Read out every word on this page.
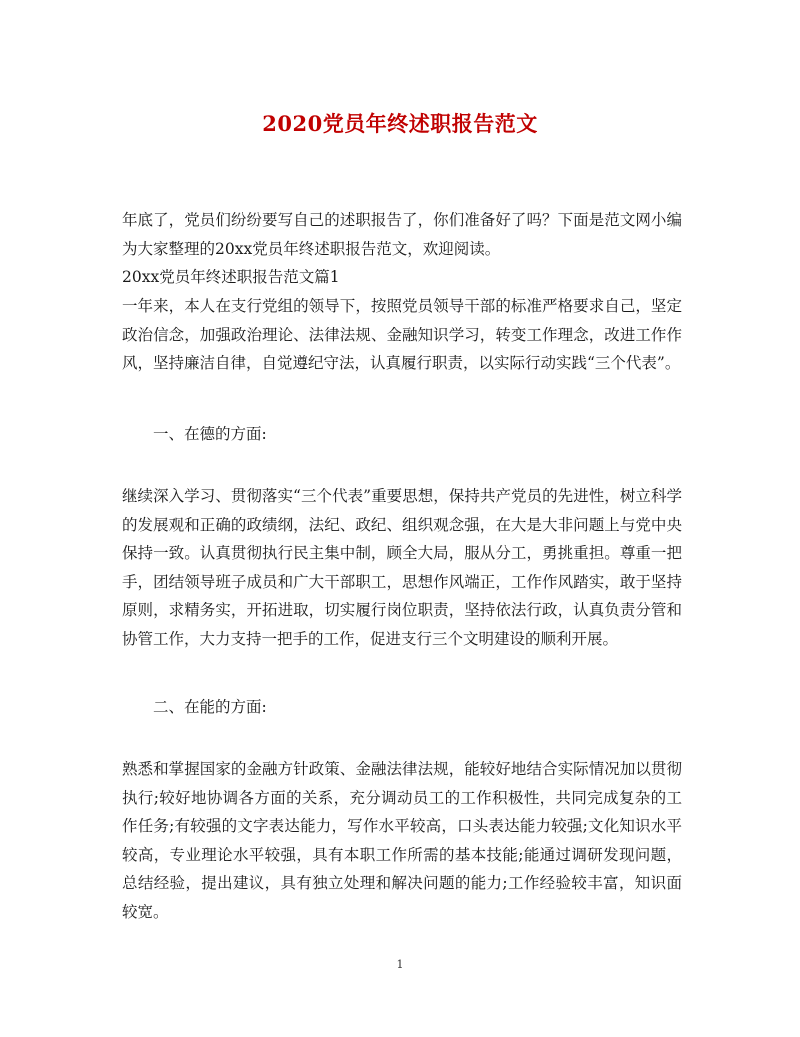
2020党员年终述职报告范文

年底了，党员们纷纷要写自己的述职报告了，你们准备好了吗？下面是范文网小编为大家整理的20xx党员年终述职报告范文，欢迎阅读。

20xx党员年终述职报告范文篇1

一年来，本人在支行党组的领导下，按照党员领导干部的标准严格要求自己，坚定政治信念，加强政治理论、法律法规、金融知识学习，转变工作理念，改进工作作风，坚持廉洁自律，自觉遵纪守法，认真履行职责，以实际行动实践“三个代表”。

一、在德的方面:

继续深入学习、贯彻落实“三个代表”重要思想，保持共产党员的先进性，树立科学的发展观和正确的政绩纲，法纪、政纪、组织观念强，在大是大非问题上与党中央保持一致。认真贯彻执行民主集中制，顾全大局，服从分工，勇挑重担。尊重一把手，团结领导班子成员和广大干部职工，思想作风端正，工作作风踏实，敢于坚持原则，求精务实，开拓进取，切实履行岗位职责，坚持依法行政，认真负责分管和协管工作，大力支持一把手的工作，促进支行三个文明建设的顺利开展。

二、在能的方面:

熟悉和掌握国家的金融方针政策、金融法律法规，能较好地结合实际情况加以贯彻执行;较好地协调各方面的关系，充分调动员工的工作积极性，共同完成复杂的工作任务;有较强的文字表达能力，写作水平较高，口头表达能力较强;文化知识水平较高，专业理论水平较强，具有本职工作所需的基本技能;能通过调研发现问题，总结经验，提出建议，具有独立处理和解决问题的能力;工作经验较丰富，知识面较宽。

1
